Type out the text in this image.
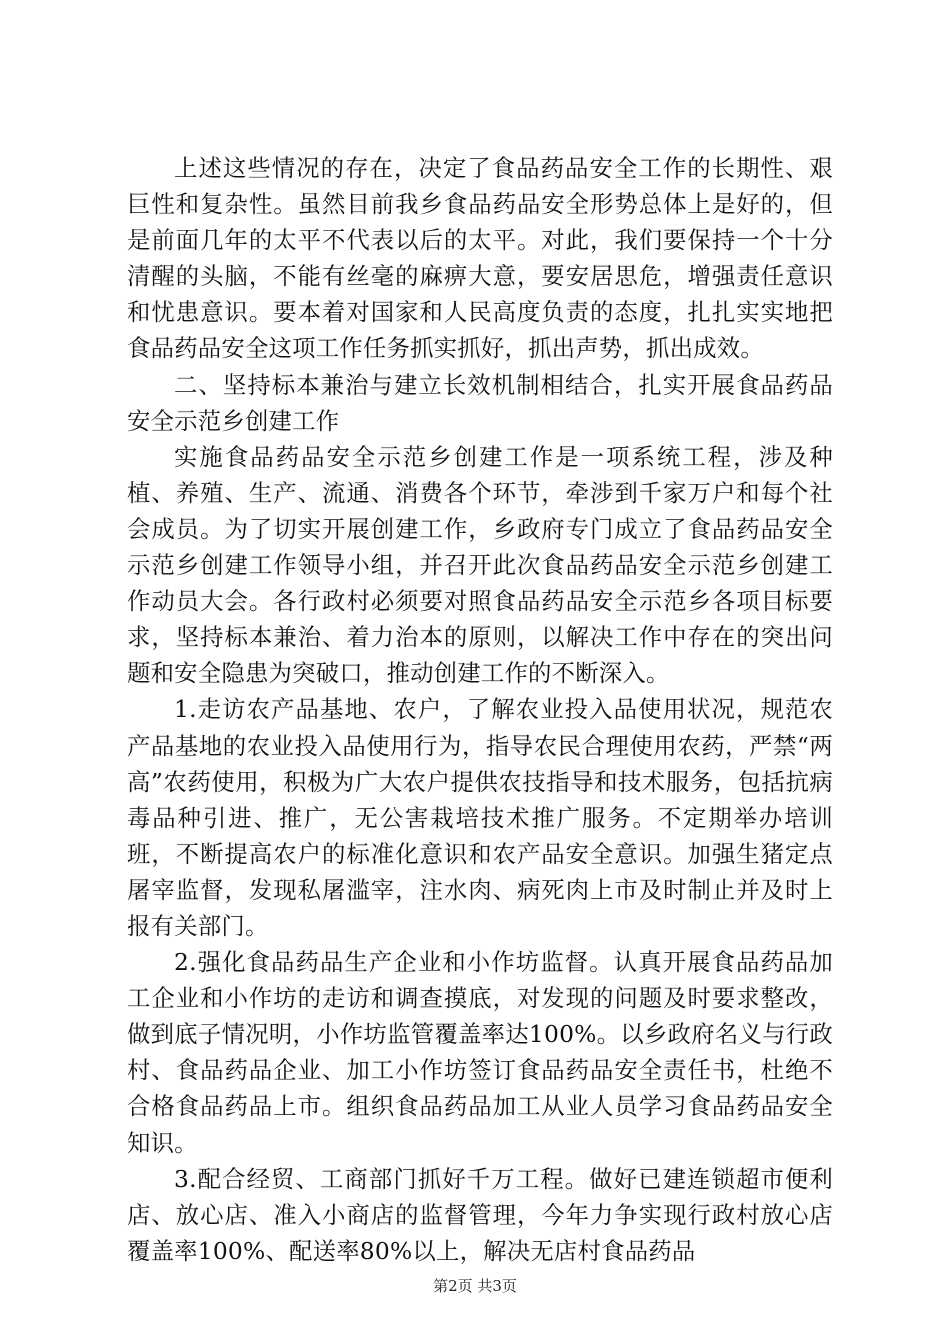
上述这些情况的存在，决定了食品药品安全工作的长期性、艰巨性和复杂性。虽然目前我乡食品药品安全形势总体上是好的，但是前面几年的太平不代表以后的太平。对此，我们要保持一个十分清醒的头脑，不能有丝毫的麻痹大意，要安居思危，增强责任意识和忧患意识。要本着对国家和人民高度负责的态度，扎扎实实地把食品药品安全这项工作任务抓实抓好，抓出声势，抓出成效。

二、坚持标本兼治与建立长效机制相结合，扎实开展食品药品安全示范乡创建工作

实施食品药品安全示范乡创建工作是一项系统工程，涉及种植、养殖、生产、流通、消费各个环节，牵涉到千家万户和每个社会成员。为了切实开展创建工作，乡政府专门成立了食品药品安全示范乡创建工作领导小组，并召开此次食品药品安全示范乡创建工作动员大会。各行政村必须要对照食品药品安全示范乡各项目标要求，坚持标本兼治、着力治本的原则，以解决工作中存在的突出问题和安全隐患为突破口，推动创建工作的不断深入。

1.走访农产品基地、农户，了解农业投入品使用状况，规范农产品基地的农业投入品使用行为，指导农民合理使用农药，严禁“两高”农药使用，积极为广大农户提供农技指导和技术服务，包括抗病毒品种引进、推广，无公害栽培技术推广服务。不定期举办培训班，不断提高农户的标准化意识和农产品安全意识。加强生猪定点屠宰监督，发现私屠滥宰，注水肉、病死肉上市及时制止并及时上报有关部门。

2.强化食品药品生产企业和小作坊监督。认真开展食品药品加工企业和小作坊的走访和调查摸底，对发现的问题及时要求整改，做到底子情况明，小作坊监管覆盖率达100%。以乡政府名义与行政村、食品药品企业、加工小作坊签订食品药品安全责任书，杜绝不合格食品药品上市。组织食品药品加工从业人员学习食品药品安全知识。

3.配合经贸、工商部门抓好千万工程。做好已建连锁超市便利店、放心店、准入小商店的监督管理，今年力争实现行政村放心店覆盖率100%、配送率80%以上，解决无店村食品药品

第2页 共3页
